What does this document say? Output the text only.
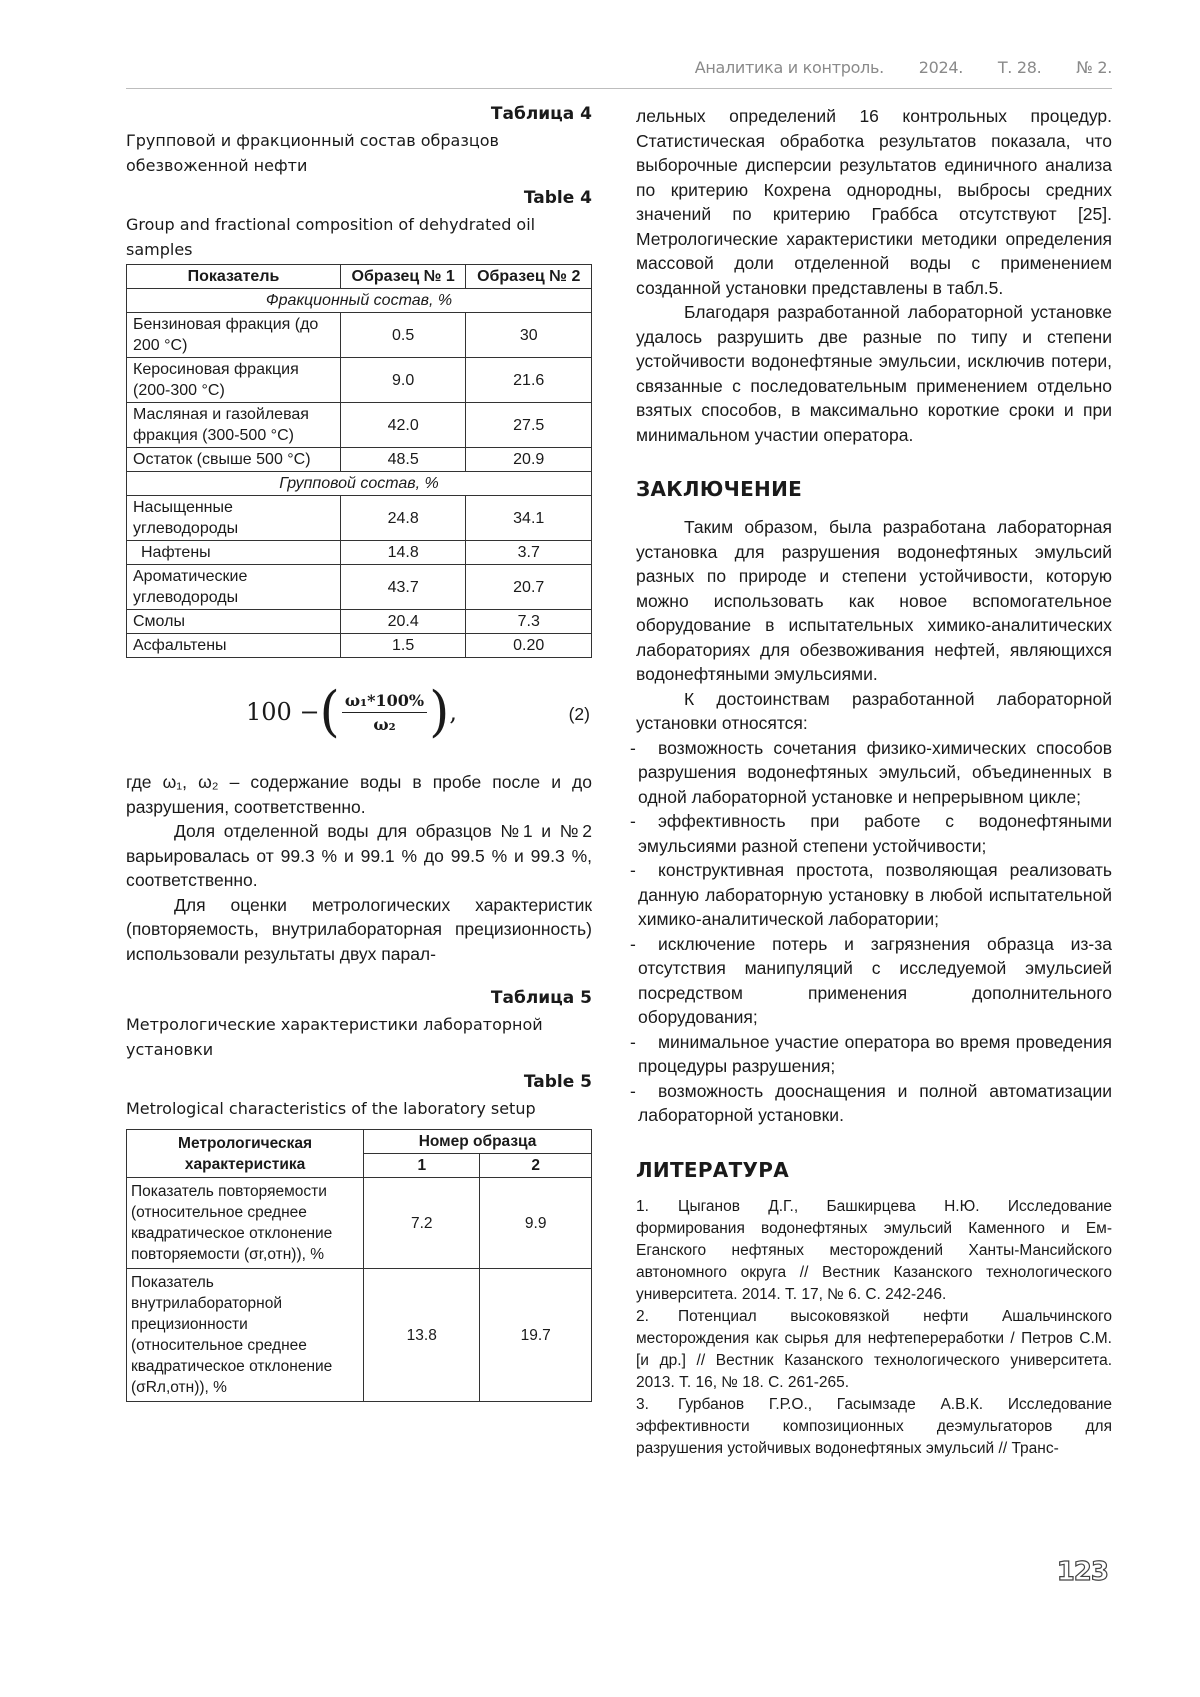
Аналитика и контроль. 2024. Т. 28. № 2.
Таблица 4
Групповой и фракционный состав образцов обезвоженной нефти
Table 4
Group and fractional composition of dehydrated oil samples
Показатель	Образец № 1	Образец № 2
Фракционный состав, %		
Бензиновая фракция (до 200 °С)	0.5	30
Керосиновая фракция (200-300 °С)	9.0	21.6
Масляная и газойлевая фракция (300-500 °С)	42.0	27.5
Остаток (свыше 500 °С)	48.5	20.9
Групповой состав, %		
Насыщенные углеводороды	24.8	34.1
Нафтены	14.8	3.7
Ароматические углеводороды	43.7	20.7
Смолы	20.4	7.3
Асфальтены	1.5	0.20
100 − ( $\frac{\text{ω₁*100\%}}{\text{ω₂}}$ ) ,	(2)

где ω₁, ω₂ – содержание воды в пробе после и до разрушения, соответственно.

Доля отделенной воды для образцов №1 и №2 варьировалась от 99.3 % и 99.1 % до 99.5 % и 99.3 %, соответственно.

Для оценки метрологических характеристик (повторяемость, внутрилабораторная прецизионность) использовали результаты двух парал-

Таблица 5
Метрологические характеристики лабораторной установки
Table 5
Metrological characteristics of the laboratory setup
Метрологическая характеристика	Номер образца	
	1	2
Показатель повторяемости (относительное среднее квадратическое отклонение повторяемости (σr,отн)), %	7.2	9.9
Показатель внутрилабораторной прецизионности (относительное среднее квадратическое отклонение (σRл,отн)), %	13.8	19.7

лельных определений 16 контрольных процедур. Статистическая обработка результатов показала, что выборочные дисперсии результатов единичного анализа по критерию Кохрена однородны, выбросы средних значений по критерию Граббса отсутствуют [25]. Метрологические характеристики методики определения массовой доли отделенной воды с применением созданной установки представлены в табл.5.

Благодаря разработанной лабораторной установке удалось разрушить две разные по типу и степени устойчивости водонефтяные эмульсии, исключив потери, связанные с последовательным применением отдельно взятых способов, в максимально короткие сроки и при минимальном участии оператора.

ЗАКЛЮЧЕНИЕ

Таким образом, была разработана лабораторная установка для разрушения водонефтяных эмульсий разных по природе и степени устойчивости, которую можно использовать как новое вспомогательное оборудование в испытательных химико-аналитических лабораториях для обезвоживания нефтей, являющихся водонефтяными эмульсиями.

К достоинствам разработанной лабораторной установки относятся:

- возможность сочетания физико-химических способов разрушения водонефтяных эмульсий, объединенных в одной лабораторной установке и непрерывном цикле;
- эффективность при работе с водонефтяными эмульсиями разной степени устойчивости;
- конструктивная простота, позволяющая реализовать данную лабораторную установку в любой испытательной химико-аналитической лаборатории;
- исключение потерь и загрязнения образца из-за отсутствия манипуляций с исследуемой эмульсией посредством применения дополнительного оборудования;
- минимальное участие оператора во время проведения процедуры разрушения;
- возможность дооснащения и полной автоматизации лабораторной установки.
ЛИТЕРАТУРА
1. Цыганов Д.Г., Башкирцева Н.Ю. Исследование формирования водонефтяных эмульсий Каменного и Ем-Еганского нефтяных месторождений Ханты-Мансийского автономного округа // Вестник Казанского технологического университета. 2014. Т. 17, № 6. С. 242-246.
2. Потенциал высоковязкой нефти Ашальчинского месторождения как сырья для нефтепереработки / Петров С.М. [и др.] // Вестник Казанского технологического университета. 2013. Т. 16, № 18. С. 261-265.
3. Гурбанов Г.Р.О., Гасымзаде А.В.К. Исследование эффективности композиционных деэмульгаторов для разрушения устойчивых водонефтяных эмульсий // Транс-
123
